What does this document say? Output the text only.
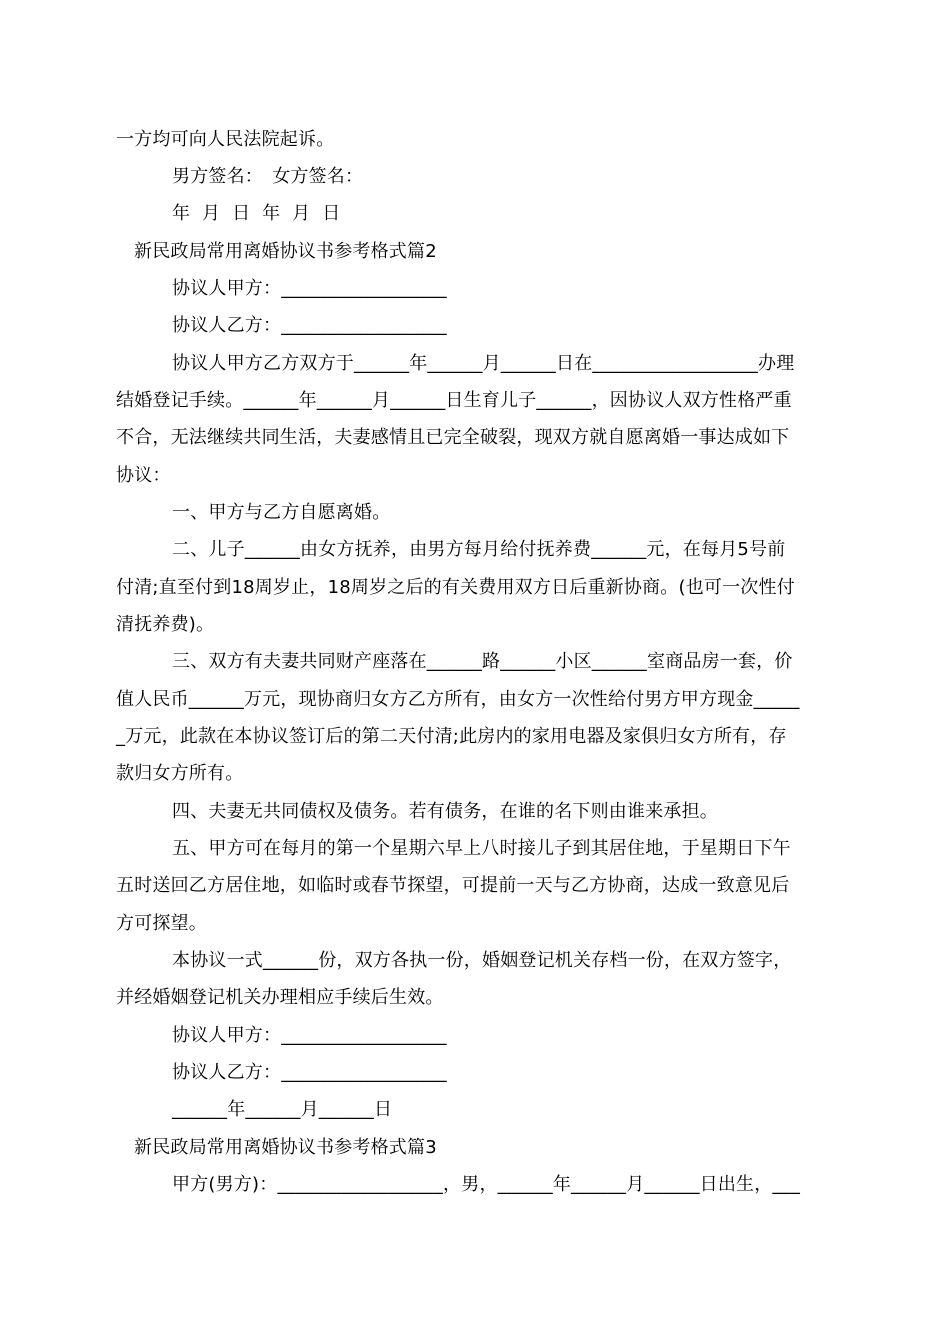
一方均可向人民法院起诉。
男方签名：　女方签名：
年  月  日  年  月  日
新民政局常用离婚协议书参考格式篇2
协议人甲方：__________________
协议人乙方：__________________
协议人甲方乙方双方于______年______月______日在__________________办理
结婚登记手续。______年______月______日生育儿子______，因协议人双方性格严重
不合，无法继续共同生活，夫妻感情且已完全破裂，现双方就自愿离婚一事达成如下
协议：
一、甲方与乙方自愿离婚。
二、儿子______由女方抚养，由男方每月给付抚养费______元，在每月5号前
付清;直至付到18周岁止，18周岁之后的有关费用双方日后重新协商。(也可一次性付
清抚养费)。
三、双方有夫妻共同财产座落在______路______小区______室商品房一套，价
值人民币______万元，现协商归女方乙方所有，由女方一次性给付男方甲方现金_____
_万元，此款在本协议签订后的第二天付清;此房内的家用电器及家俱归女方所有，存
款归女方所有。
四、夫妻无共同债权及债务。若有债务，在谁的名下则由谁来承担。
五、甲方可在每月的第一个星期六早上八时接儿子到其居住地，于星期日下午
五时送回乙方居住地，如临时或春节探望，可提前一天与乙方协商，达成一致意见后
方可探望。
本协议一式______份，双方各执一份，婚姻登记机关存档一份，在双方签字，
并经婚姻登记机关办理相应手续后生效。
协议人甲方：__________________
协议人乙方：__________________
______年______月______日
新民政局常用离婚协议书参考格式篇3
甲方(男方)：__________________，男，______年______月______日出生，___
